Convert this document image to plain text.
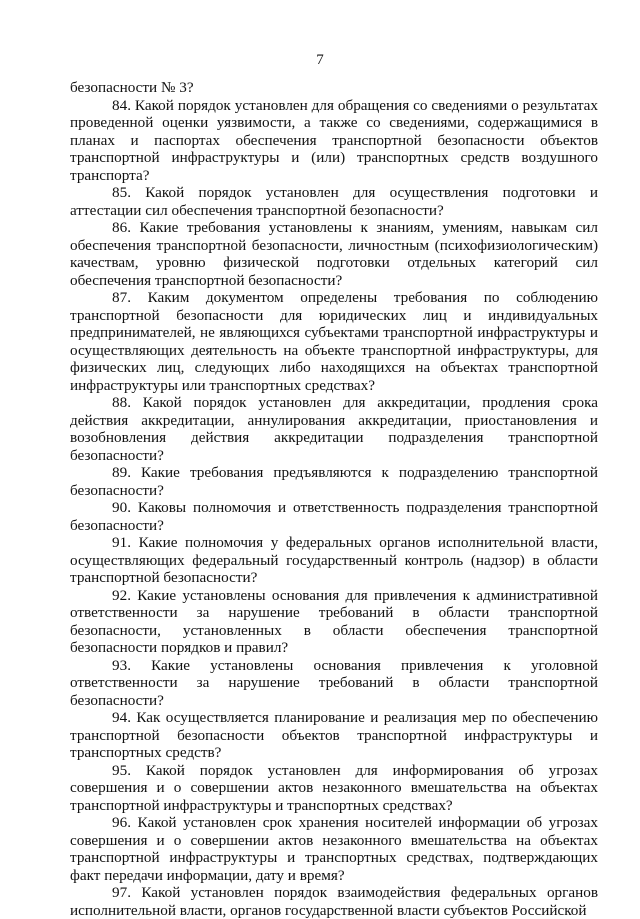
7

безопасности № 3?

84. Какой порядок установлен для обращения со сведениями о результатах проведенной оценки уязвимости, а также со сведениями, содержащимися в планах и паспортах обеспечения транспортной безопасности объектов транспортной инфраструктуры и (или) транспортных средств воздушного транспорта?

85. Какой порядок установлен для осуществления подготовки и аттестации сил обеспечения транспортной безопасности?

86. Какие требования установлены к знаниям, умениям, навыкам сил обеспечения транспортной безопасности, личностным (психофизиологическим) качествам, уровню физической подготовки отдельных категорий сил обеспечения транспортной безопасности?

87. Каким документом определены требования по соблюдению транспортной безопасности для юридических лиц и индивидуальных предпринимателей, не являющихся субъектами транспортной инфраструктуры и осуществляющих деятельность на объекте транспортной инфраструктуры, для физических лиц, следующих либо находящихся на объектах транспортной инфраструктуры или транспортных средствах?

88. Какой порядок установлен для аккредитации, продления срока действия аккредитации, аннулирования аккредитации, приостановления и возобновления действия аккредитации подразделения транспортной безопасности?

89. Какие требования предъявляются к подразделению транспортной безопасности?

90. Каковы полномочия и ответственность подразделения транспортной безопасности?

91. Какие полномочия у федеральных органов исполнительной власти, осуществляющих федеральный государственный контроль (надзор) в области транспортной безопасности?

92. Какие установлены основания для привлечения к административной ответственности за нарушение требований в области транспортной безопасности, установленных в области обеспечения транспортной безопасности порядков и правил?

93. Какие установлены основания привлечения к уголовной ответственности за нарушение требований в области транспортной безопасности?

94. Как осуществляется планирование и реализация мер по обеспечению транспортной безопасности объектов транспортной инфраструктуры и транспортных средств?

95. Какой порядок установлен для информирования об угрозах совершения и о совершении актов незаконного вмешательства на объектах транспортной инфраструктуры и транспортных средствах?

96. Какой установлен срок хранения носителей информации об угрозах совершения и о совершении актов незаконного вмешательства на объектах транспортной инфраструктуры и транспортных средствах, подтверждающих факт передачи информации, дату и время?

97. Какой установлен порядок взаимодействия федеральных органов исполнительной власти, органов государственной власти субъектов Российской
